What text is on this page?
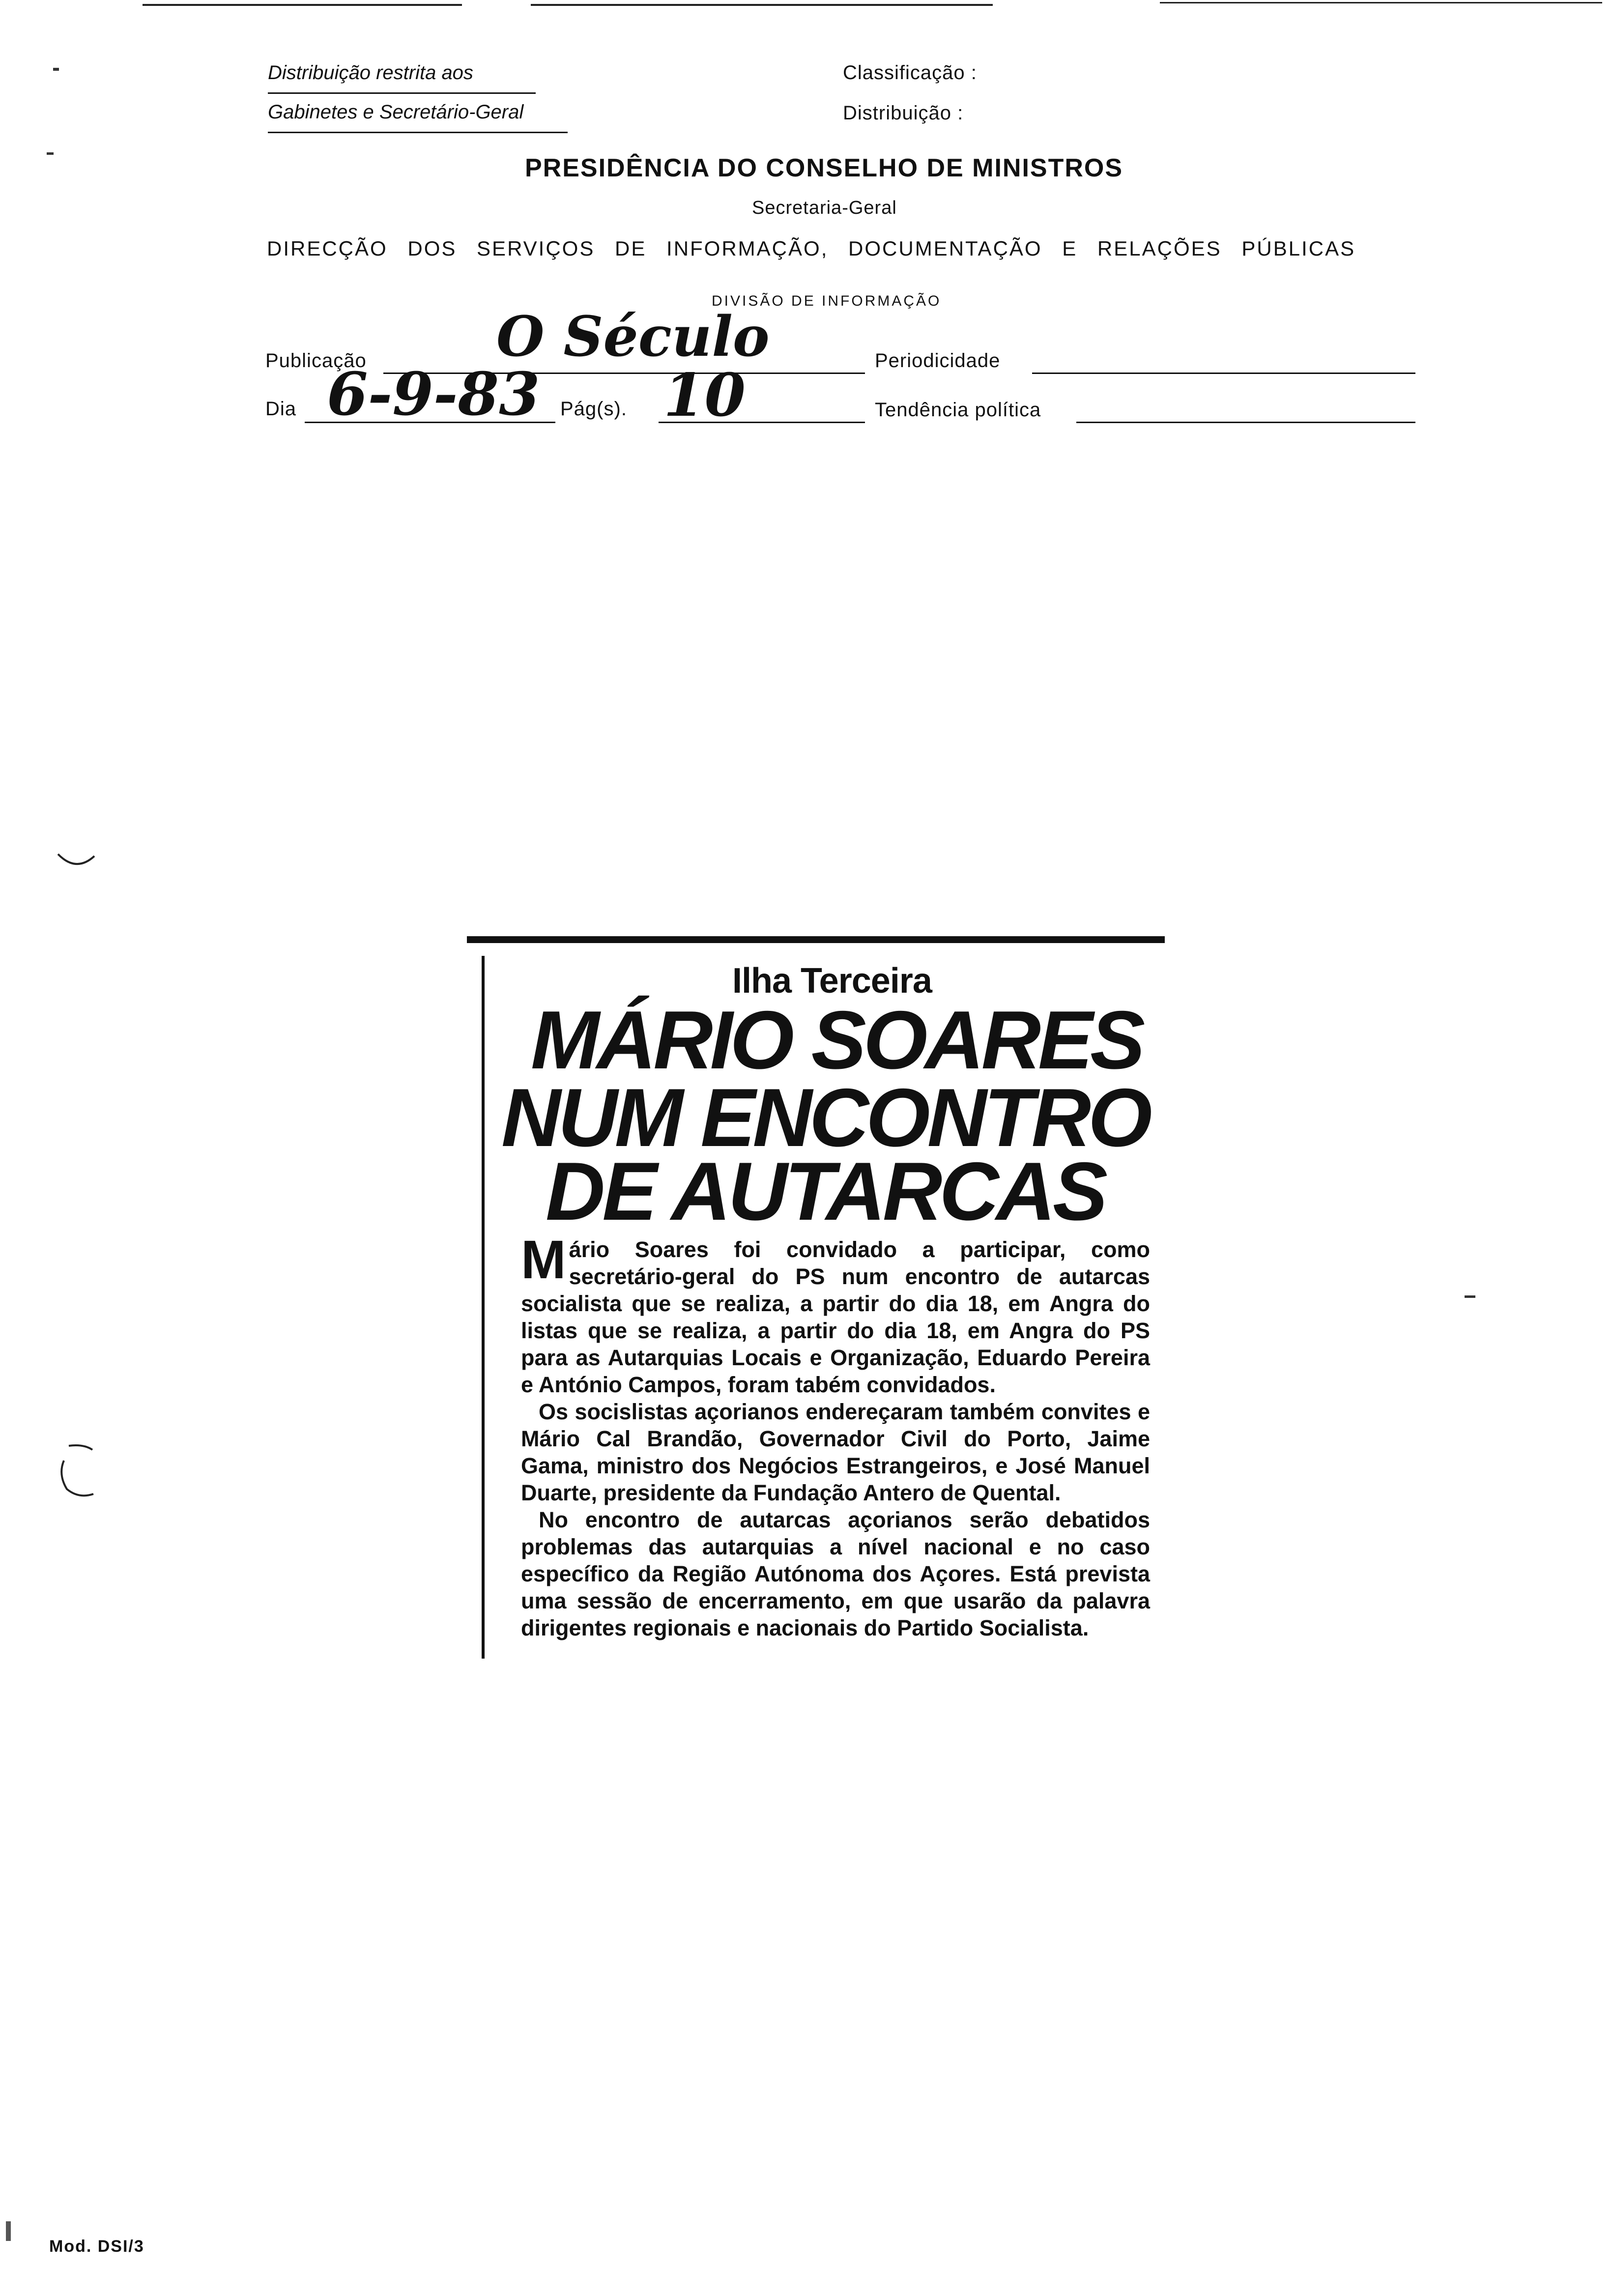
Distribuição restrita aos
Gabinetes e Secretário-Geral
Classificação :
Distribuição :
PRESIDÊNCIA DO CONSELHO DE MINISTROS
Secretaria-Geral
DIRECÇÃO DOS SERVIÇOS DE INFORMAÇÃO, DOCUMENTAÇÃO E RELAÇÕES PÚBLICAS
DIVISÃO DE INFORMAÇÃO
Publicação O Século	Periodicidade
Dia 6-9-83 Pág(s). 10	Tendência política
Ilha Terceira
MÁRIO SOARES
NUM ENCONTRO
DE AUTARCAS

Mário Soares foi convidado a participar, como secretário-geral do PS num encontro de autarcas socialista que se realiza, a partir do dia 18, em Angra do listas que se realiza, a partir do dia 18, em Angra do PS para as Autarquias Locais e Organização, Eduardo Pereira e António Campos, foram tabém convidados.

Os socislistas açorianos endereçaram também convites e Mário Cal Brandão, Governador Civil do Porto, Jaime Gama, ministro dos Negócios Estrangeiros, e José Manuel Duarte, presidente da Fundação Antero de Quental.

No encontro de autarcas açorianos serão debatidos problemas das autarquias a nível nacional e no caso específico da Região Autónoma dos Açores. Está prevista uma sessão de encerramento, em que usarão da palavra dirigentes regionais e nacionais do Partido Socialista.

Mod. DSI/3
